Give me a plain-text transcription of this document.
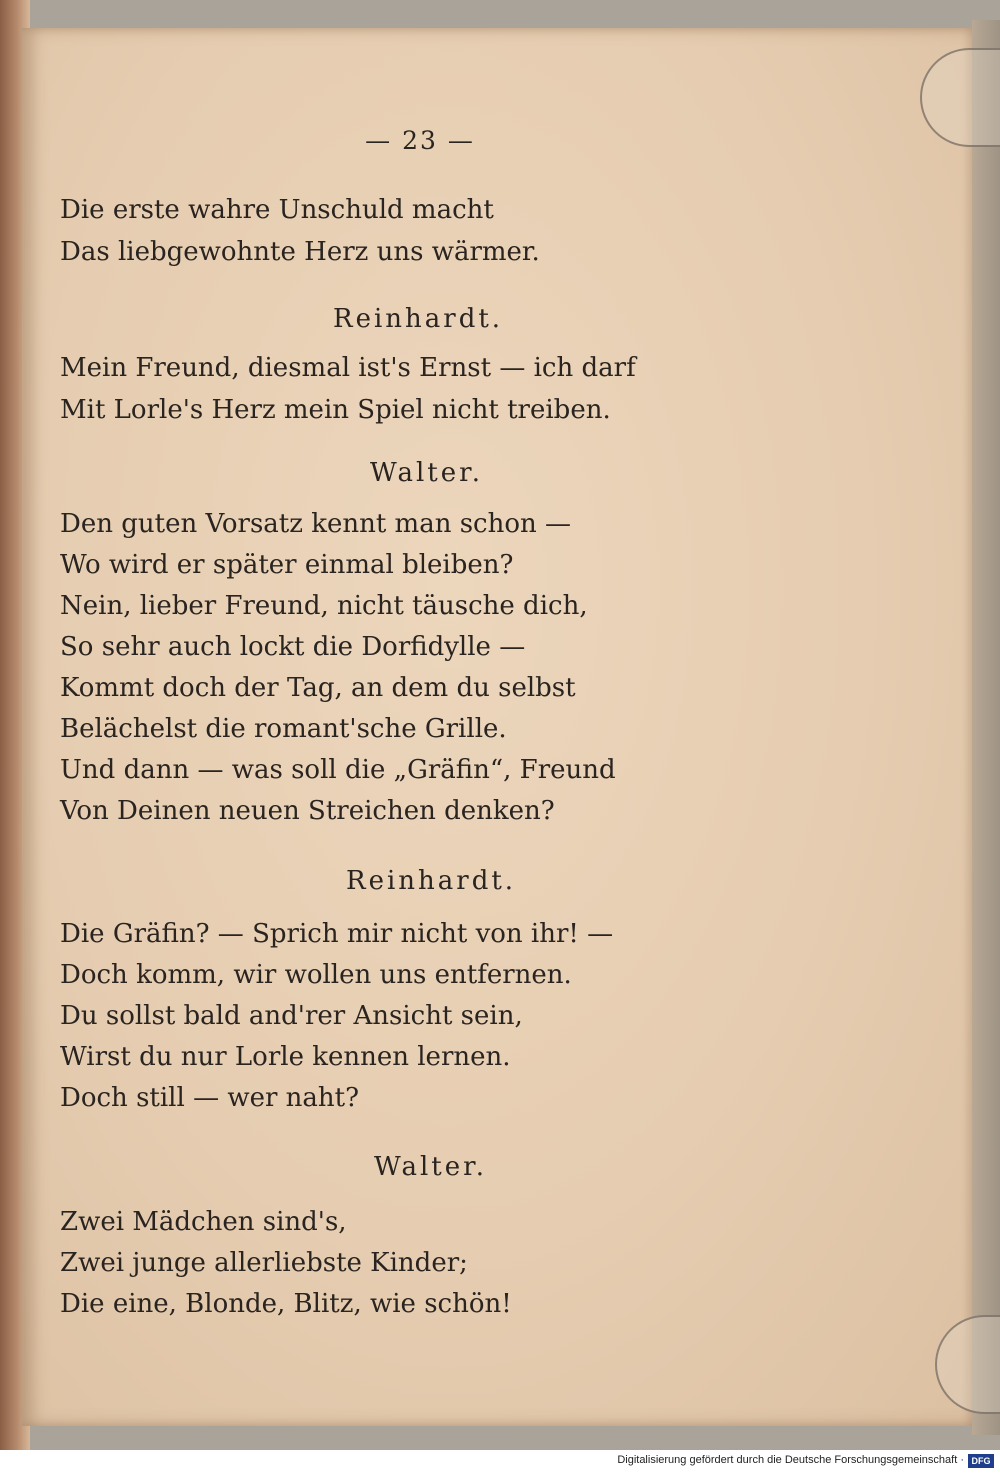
— 23 —
Die erste wahre Unschuld macht
Das liebgewohnte Herz uns wärmer.
Reinhardt.
Mein Freund, diesmal ist's Ernst — ich darf
Mit Lorle's Herz mein Spiel nicht treiben.
Walter.
Den guten Vorsatz kennt man schon —
Wo wird er später einmal bleiben?
Nein, lieber Freund, nicht täusche dich,
So sehr auch lockt die Dorfidylle —
Kommt doch der Tag, an dem du selbst
Belächelst die romant'sche Grille.
Und dann — was soll die „Gräfin“, Freund
Von Deinen neuen Streichen denken?
Reinhardt.
Die Gräfin? — Sprich mir nicht von ihr! —
Doch komm, wir wollen uns entfernen.
Du sollst bald and'rer Ansicht sein,
Wirst du nur Lorle kennen lernen.
Doch still — wer naht?
Walter.
Zwei Mädchen sind's,
Zwei junge allerliebste Kinder;
Die eine, Blonde, Blitz, wie schön!
Digitalisierung gefördert durch die Deutsche Forschungsgemeinschaft · DFG
